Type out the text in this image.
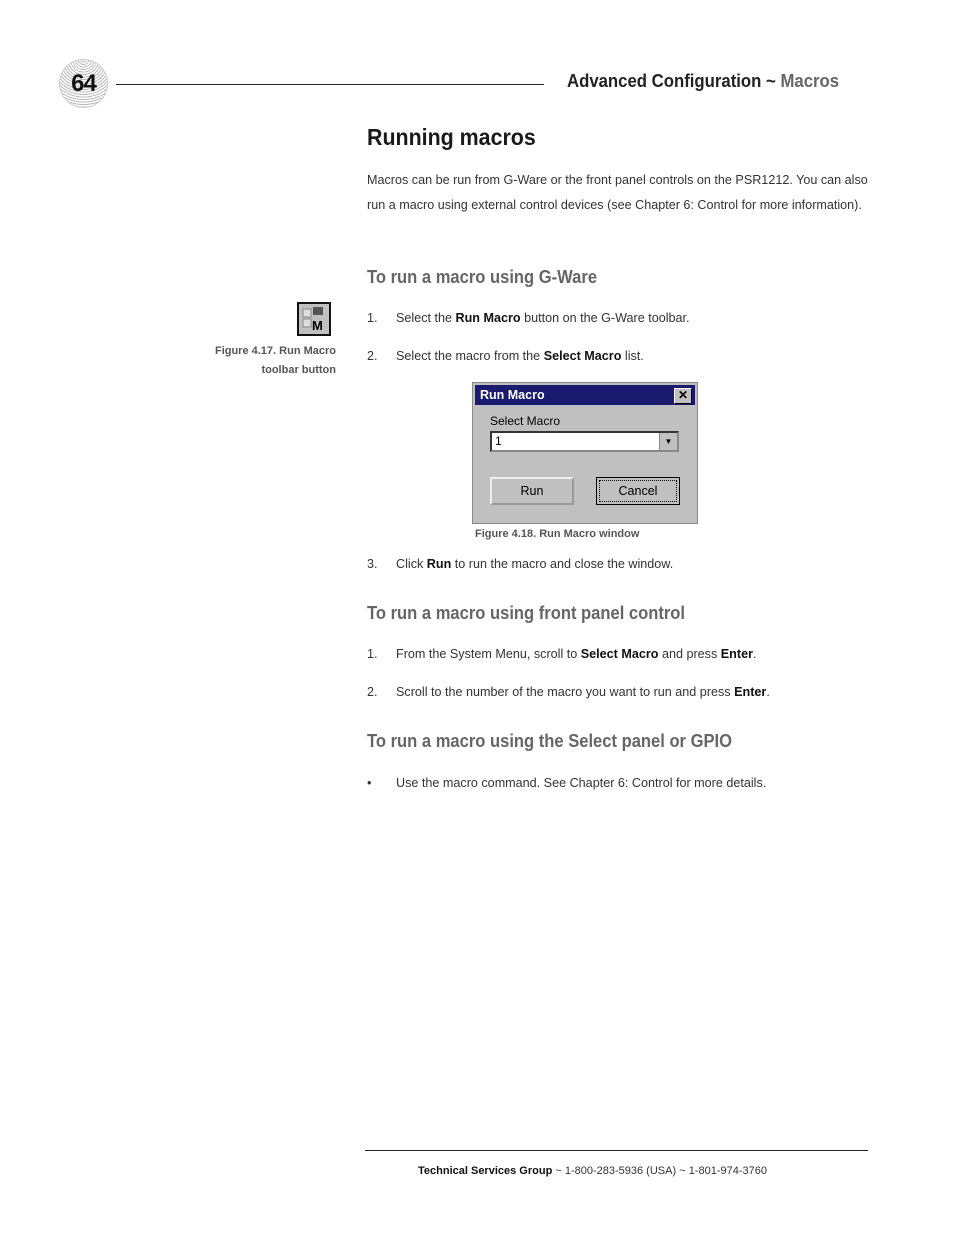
64	Advanced Configuration ~ Macros
Running macros
Macros can be run from G-Ware or the front panel controls on the PSR1212. You can also run a macro using external control devices (see Chapter 6: Control for more information).
To run a macro using G-Ware
M
Figure 4.17. Run Macro
toolbar button
1. Select the Run Macro button on the G-Ware toolbar.
2. Select the macro from the Select Macro list.
Run Macro	✕
Select Macro
1	▼
Run	Cancel
Figure 4.18. Run Macro window
3. Click Run to run the macro and close the window.
To run a macro using front panel control
1. From the System Menu, scroll to Select Macro and press Enter.
2. Scroll to the number of the macro you want to run and press Enter.
To run a macro using the Select panel or GPIO
• Use the macro command. See Chapter 6: Control for more details.
Technical Services Group ~ 1-800-283-5936 (USA) ~ 1-801-974-3760
